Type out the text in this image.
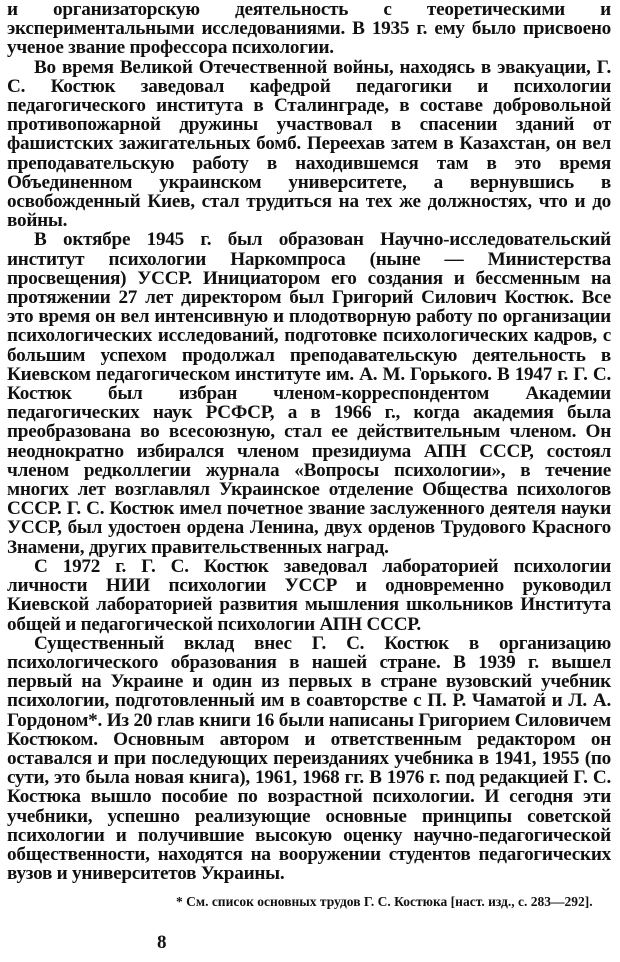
и организаторскую деятельность с теоретическими и экспериментальными исследованиями. В 1935 г. ему было присвоено ученое звание профессора психологии.

Во время Великой Отечественной войны, находясь в эвакуации, Г. С. Костюк заведовал кафедрой педагогики и психологии педагогического института в Сталинграде, в составе добровольной противопожарной дружины участвовал в спасении зданий от фашистских зажигательных бомб. Переехав затем в Казахстан, он вел преподавательскую работу в находившемся там в это время Объединенном украинском университете, а вернувшись в освобожденный Киев, стал трудиться на тех же должностях, что и до войны.

В октябре 1945 г. был образован Научно-исследовательский институт психологии Наркомпроса (ныне — Министерства просвещения) УССР. Инициатором его создания и бессменным на протяжении 27 лет директором был Григорий Силович Костюк. Все это время он вел интенсивную и плодотворную работу по организации психологических исследований, подготовке психологических кадров, с большим успехом продолжал преподавательскую деятельность в Киевском педагогическом институте им. А. М. Горького. В 1947 г. Г. С. Костюк был избран членом-корреспондентом Академии педагогических наук РСФСР, а в 1966 г., когда академия была преобразована во всесоюзную, стал ее действительным членом. Он неоднократно избирался членом президиума АПН СССР, состоял членом редколлегии журнала «Вопросы психологии», в течение многих лет возглавлял Украинское отделение Общества психологов СССР. Г. С. Костюк имел почетное звание заслуженного деятеля науки УССР, был удостоен ордена Ленина, двух орденов Трудового Красного Знамени, других правительственных наград.

С 1972 г. Г. С. Костюк заведовал лабораторией психологии личности НИИ психологии УССР и одновременно руководил Киевской лабораторией развития мышления школьников Института общей и педагогической психологии АПН СССР.

Существенный вклад внес Г. С. Костюк в организацию психологического образования в нашей стране. В 1939 г. вышел первый на Украине и один из первых в стране вузовский учебник психологии, подготовленный им в соавторстве с П. Р. Чаматой и Л. А. Гордоном*. Из 20 глав книги 16 были написаны Григорием Силовичем Костюком. Основным автором и ответственным редактором он оставался и при последующих переизданиях учебника в 1941, 1955 (по сути, это была новая книга), 1961, 1968 гг. В 1976 г. под редакцией Г. С. Костюка вышло пособие по возрастной психологии. И сегодня эти учебники, успешно реализующие основные принципы советской психологии и получившие высокую оценку научно-педагогической общественности, находятся на вооружении студентов педагогических вузов и университетов Украины.

* См. список основных трудов Г. С. Костюка [наст. изд., с. 283—292].
8
